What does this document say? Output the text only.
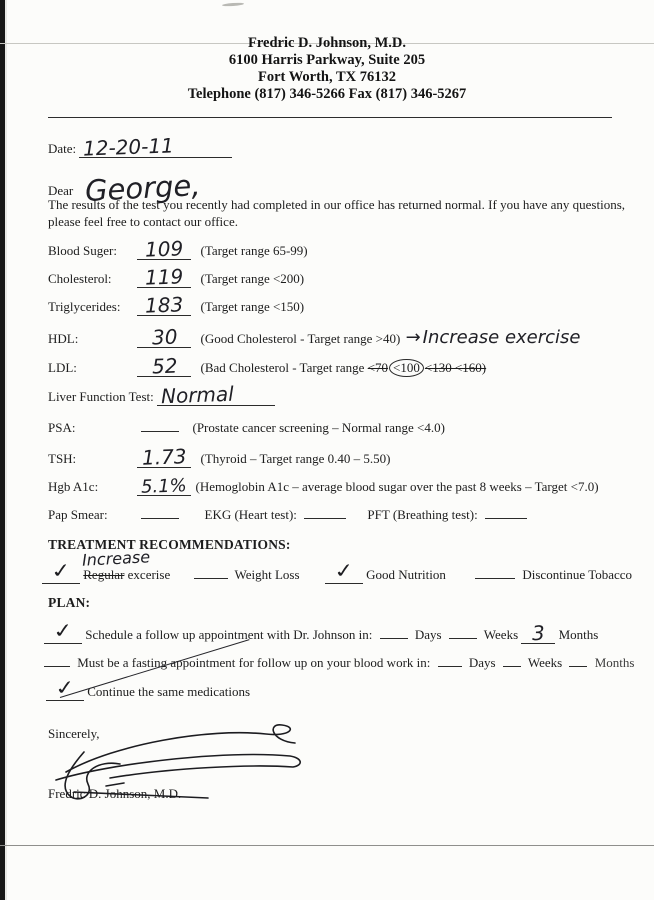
Fredric D. Johnson, M.D.
6100 Harris Parkway, Suite 205
Fort Worth, TX 76132
Telephone (817) 346-5266 Fax (817) 346-5267
Date: 12-20-11
Dear George,
The results of the test you recently had completed in our office has returned normal. If you have any questions, please feel free to contact our office.
Blood Suger: 109 (Target range 65-99)
Cholesterol: 119 (Target range <200)
Triglycerides: 183 (Target range <150)
HDL:	30 (Good Cholesterol - Target range >40) → Increase exercise
LDL:	52 (Bad Cholesterol - Target range <70 <100 <130 <160)
Liver Function Test: Normal
PSA:	(Prostate cancer screening – Normal range <4.0)
TSH:	1.73 (Thyroid – Target range 0.40 – 5.50)
Hgb A1c: 5.1% (Hemoglobin A1c – average blood sugar over the past 8 weeks – Target <7.0)
Pap Smear:	EKG (Heart test):	PFT (Breathing test):
TREATMENT RECOMMENDATIONS:
Increase
✓ Regular excerise	Weight Loss ✓ Good Nutrition	Discontinue Tobacco
PLAN:
✓ Schedule a follow up appointment with Dr. Johnson in:	Days	Weeks 3 Months
Must be a fasting appointment for follow up on your blood work in:	Days Weeks	Months
✓ Continue the same medications
Sincerely,
Fredric D. Johnson, M.D.
